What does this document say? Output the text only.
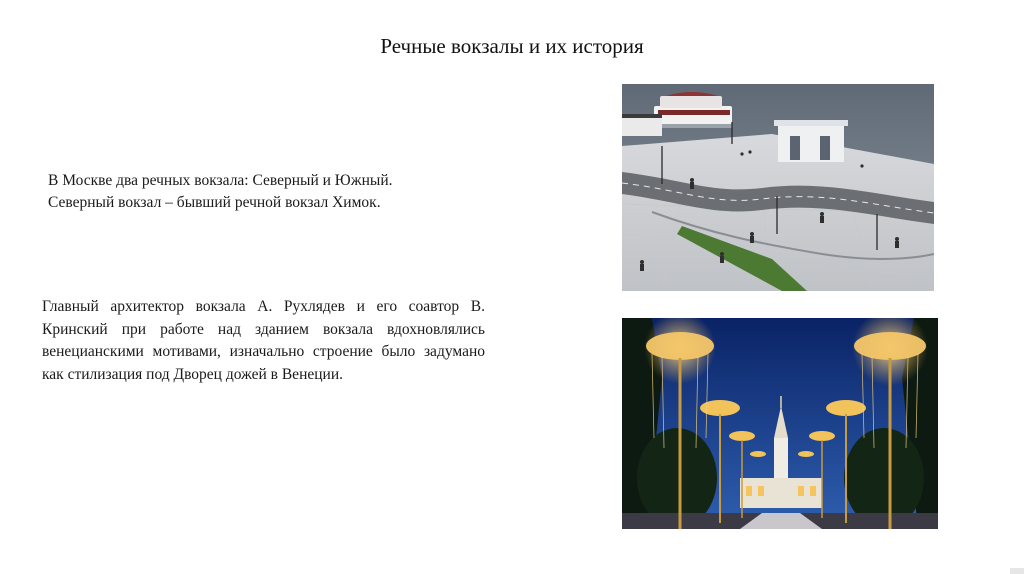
Речные вокзалы и их история
В Москве два речных вокзала: Северный и Южный.
Северный вокзал – бывший речной вокзал Химок.
Главный архитектор вокзала А. Рухлядев и его соавтор В. Кринский при работе над зданием вокзала вдохновлялись венецианскими мотивами, изначально строение было задумано как стилизация под Дворец дожей в Венеции.
